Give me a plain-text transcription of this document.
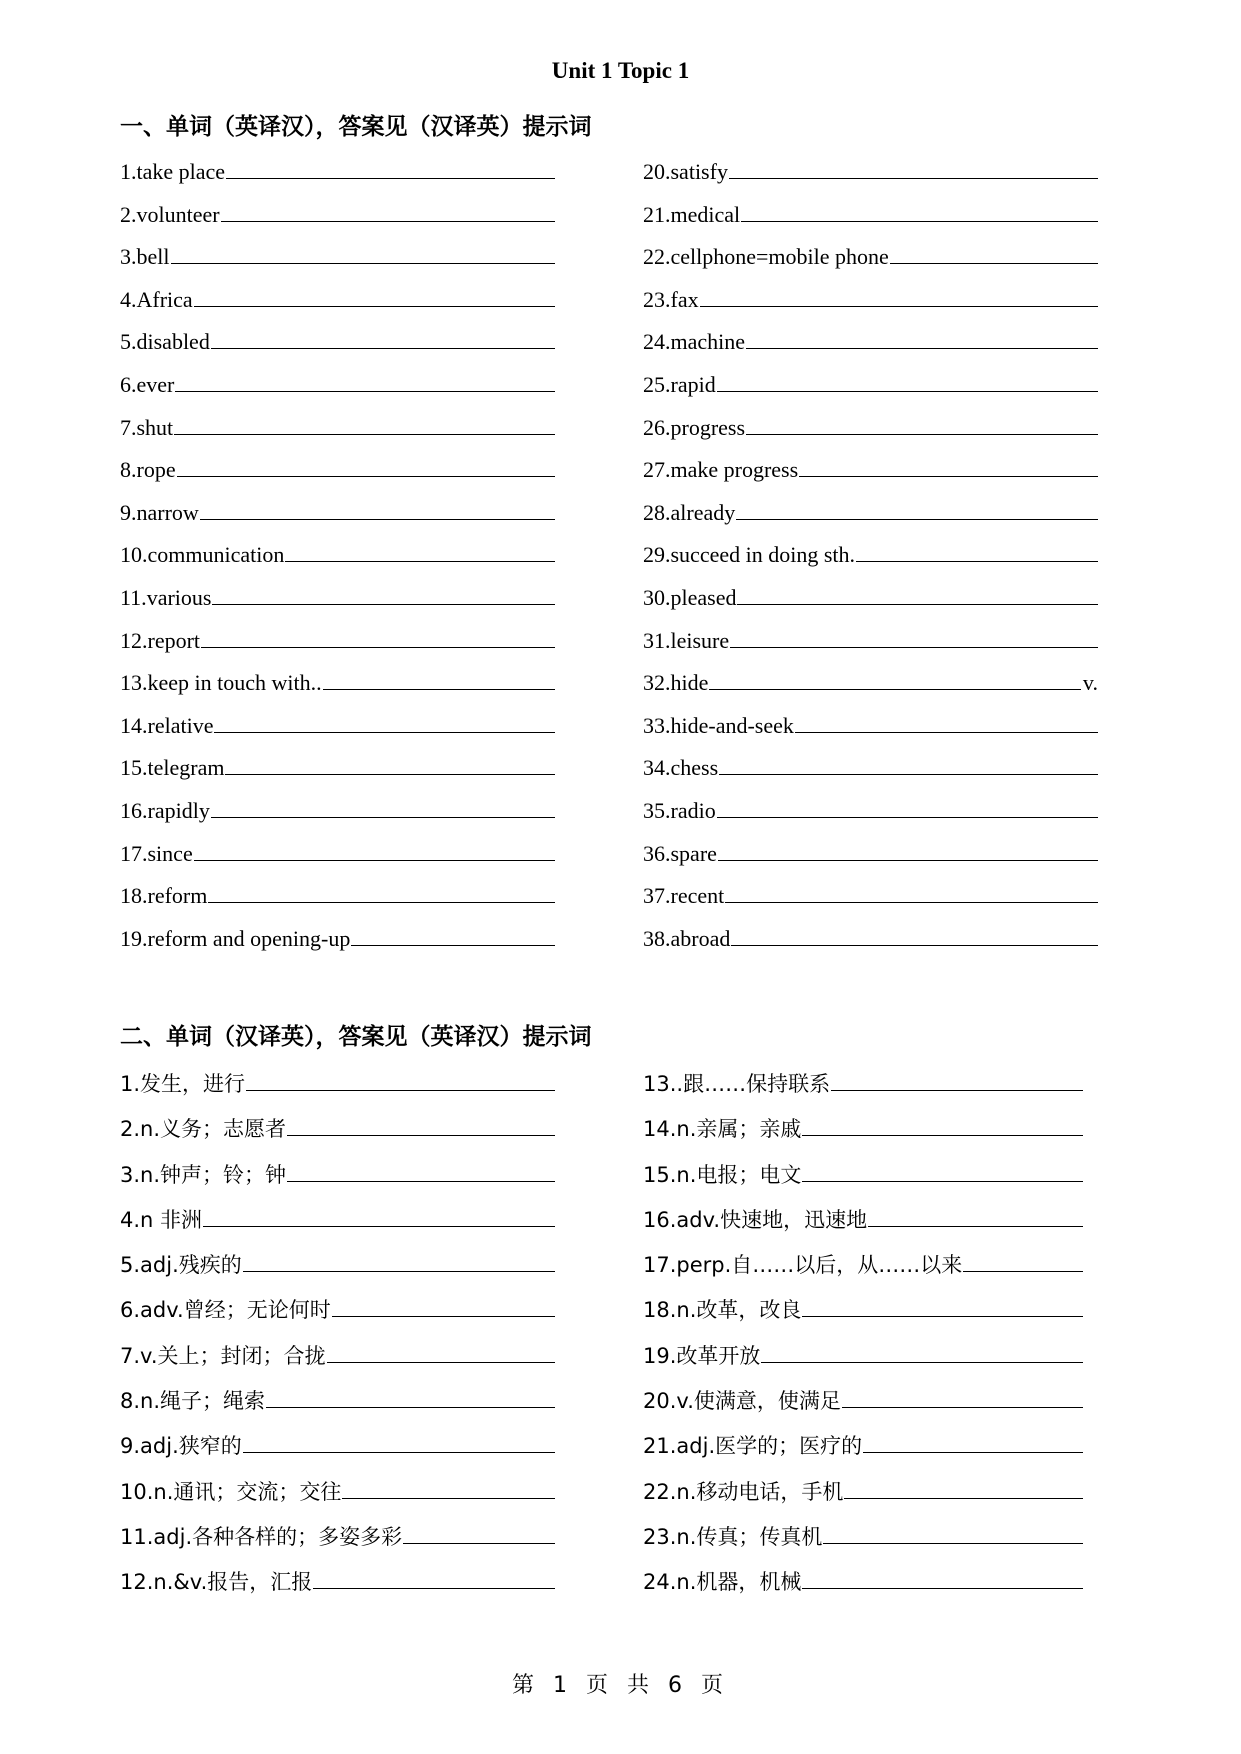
Unit 1 Topic 1
一、单词（英译汉），答案见（汉译英）提示词
1. take place
2. volunteer
3. bell
4. Africa
5. disabled
6. ever
7. shut
8. rope
9. narrow
10. communication
11. various
12. report
13. keep in touch with..
14. relative
15. telegram
16. rapidly
17. since
18. reform
19. reform and opening-up
20. satisfy
21. medical
22. cellphone=mobile phone
23. fax
24. machine
25. rapid
26. progress
27. make progress
28. already
29. succeed in doing sth.
30. pleased
31. leisure
32. hide	v.
33. hide-and-seek
34. chess
35. radio
36. spare
37. recent
38. abroad
二、单词（汉译英），答案见（英译汉）提示词
1. 发生，进行
2. n.义务；志愿者
3. n.钟声；铃；钟
4. n 非洲
5. adj.残疾的
6. adv.曾经；无论何时
7. v.关上；封闭；合拢
8. n.绳子；绳索
9. adj.狭窄的
10. n.通讯；交流；交往
11. adj.各种各样的；多姿多彩
12. n.&v.报告，汇报
13. .跟……保持联系
14. n.亲属；亲戚
15. n.电报；电文
16. adv.快速地，迅速地
17. perp.自……以后，从……以来
18. n.改革，改良
19. 改革开放
20. v.使满意，使满足
21. adj.医学的；医疗的
22. n.移动电话，手机
23. n.传真；传真机
24. n.机器，机械
第 1 页 共 6 页
